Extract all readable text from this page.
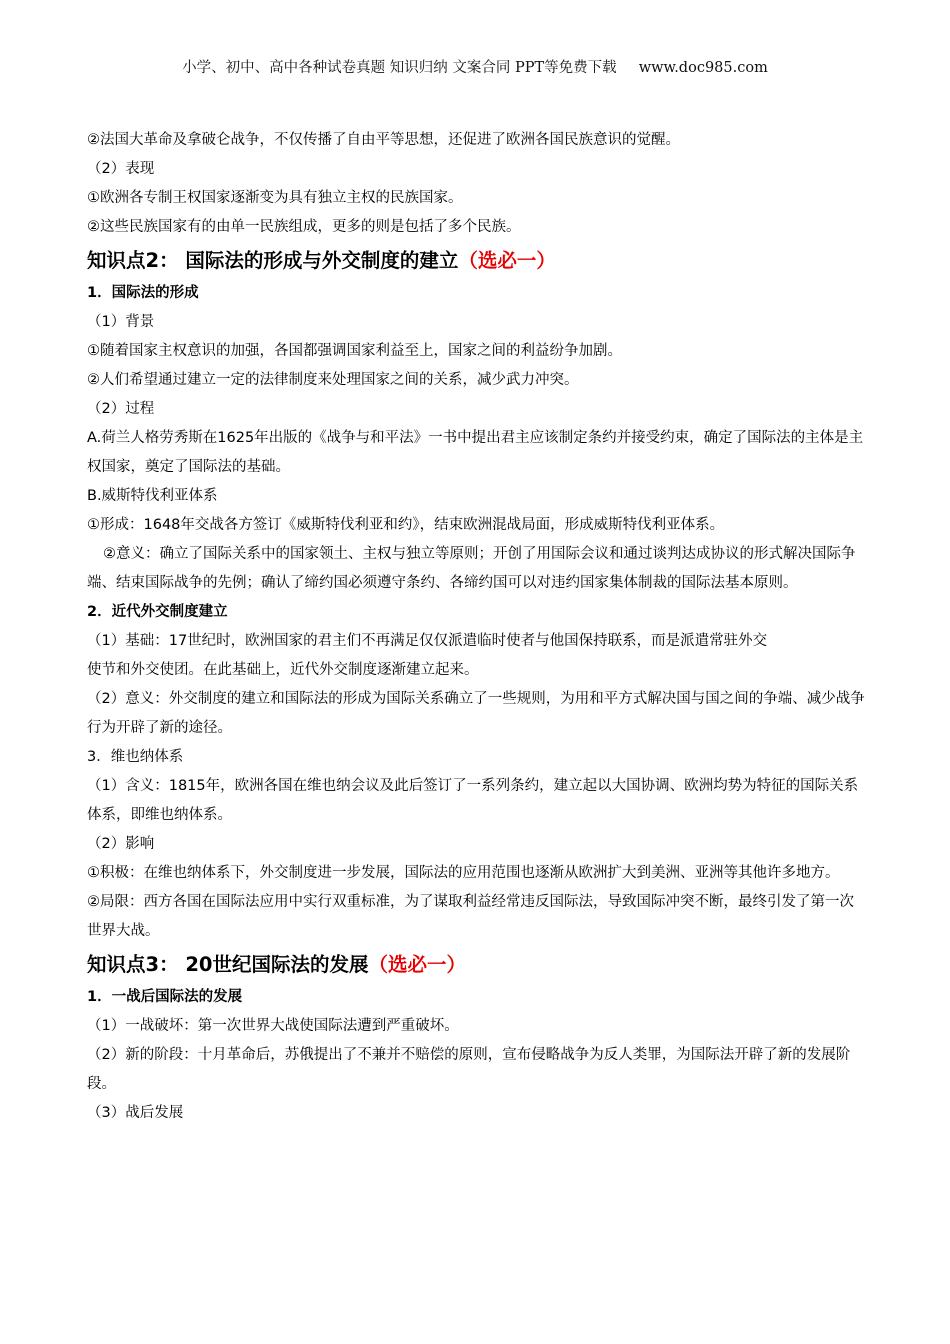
小学、初中、高中各种试卷真题 知识归纳 文案合同 PPT等免费下载 www.doc985.com
②法国大革命及拿破仑战争，不仅传播了自由平等思想，还促进了欧洲各国民族意识的觉醒。
（2）表现
①欧洲各专制王权国家逐渐变为具有独立主权的民族国家。
②这些民族国家有的由单一民族组成，更多的则是包括了多个民族。
知识点2： 国际法的形成与外交制度的建立（选必一）
1．国际法的形成
（1）背景
①随着国家主权意识的加强，各国都强调国家利益至上，国家之间的利益纷争加剧。
②人们希望通过建立一定的法律制度来处理国家之间的关系，减少武力冲突。
（2）过程
A.荷兰人格劳秀斯在1625年出版的《战争与和平法》一书中提出君主应该制定条约并接受约束，确定了国际法的主体是主权国家，奠定了国际法的基础。
B.威斯特伐利亚体系
①形成：1648年交战各方签订《威斯特伐利亚和约》，结束欧洲混战局面，形成威斯特伐利亚体系。
②意义：确立了国际关系中的国家领土、主权与独立等原则；开创了用国际会议和通过谈判达成协议的形式解决国际争端、结束国际战争的先例；确认了缔约国必须遵守条约、各缔约国可以对违约国家集体制裁的国际法基本原则。
2．近代外交制度建立
（1）基础：17世纪时，欧洲国家的君主们不再满足仅仅派遣临时使者与他国保持联系，而是派遣常驻外交
使节和外交使团。在此基础上，近代外交制度逐渐建立起来。
（2）意义：外交制度的建立和国际法的形成为国际关系确立了一些规则，为用和平方式解决国与国之间的争端、减少战争行为开辟了新的途径。
3．维也纳体系
（1）含义：1815年，欧洲各国在维也纳会议及此后签订了一系列条约，建立起以大国协调、欧洲均势为特征的国际关系体系，即维也纳体系。
（2）影响
①积极：在维也纳体系下，外交制度进一步发展，国际法的应用范围也逐渐从欧洲扩大到美洲、亚洲等其他许多地方。
②局限：西方各国在国际法应用中实行双重标准，为了谋取利益经常违反国际法，导致国际冲突不断，最终引发了第一次世界大战。
知识点3： 20世纪国际法的发展（选必一）
1．一战后国际法的发展
（1）一战破坏：第一次世界大战使国际法遭到严重破坏。
（2）新的阶段：十月革命后，苏俄提出了不兼并不赔偿的原则，宣布侵略战争为反人类罪，为国际法开辟了新的发展阶段。
（3）战后发展
